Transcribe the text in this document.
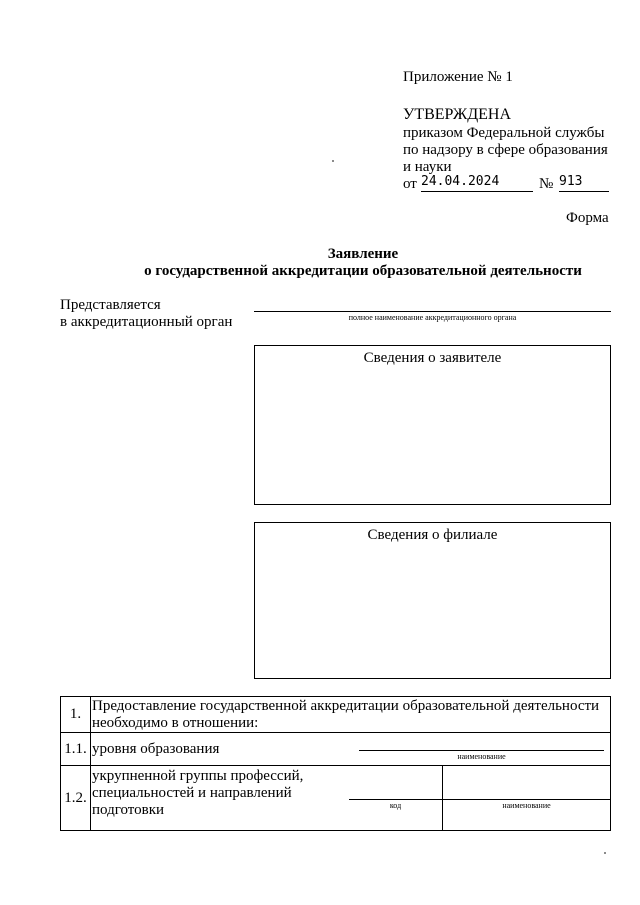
Приложение № 1
УТВЕРЖДЕНА
приказом Федеральной службы
по надзору в сфере образования
и науки
от 24.04.2024	№ 913
Форма
Заявление
о государственной аккредитации образовательной деятельности
Представляется
в аккредитационный орган	полное наименование аккредитационного органа
Сведения о заявителе
Сведения о филиале
1.	Предоставление государственной аккредитации образовательной деятельности необходимо в отношении:	
1.1.	уровня образования наименование	

1.2.	укрупненной группы профессий,
специальностей и направлений
подготовки код	наименование
